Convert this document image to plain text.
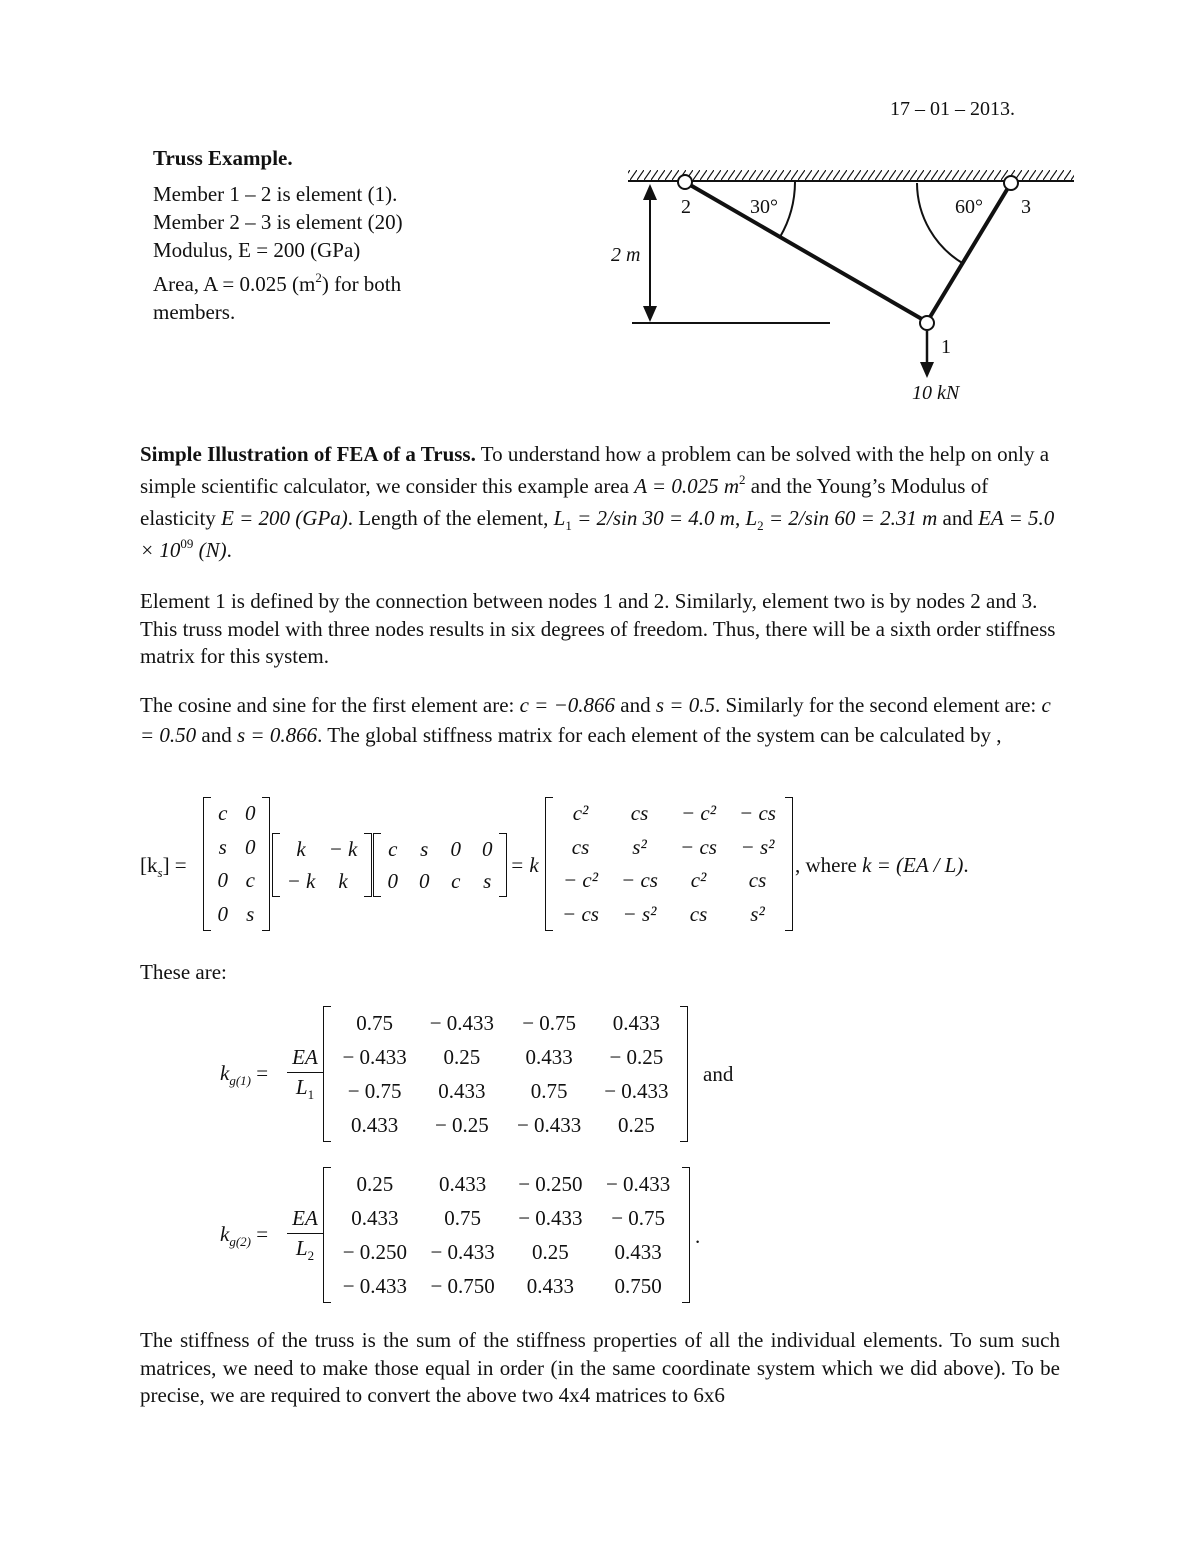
17 – 01 – 2013.
Truss Example.
Member 1 – 2 is element (1).
Member 2 – 3 is element (20)
Modulus, E = 200 (GPa)
Area, A = 0.025 $(m^2)$ for both
members.
2	3
1
30°	60°
2 m
10 kN
Simple Illustration of FEA of a Truss. To understand how a problem can be solved with the help on only a simple scientific calculator, we consider this example area A = 0.025 $m^2$ and the Young’s Modulus of elasticity E = 200 (GPa). Length of the element, $L_1 = 2/\sin$ 30 = 4.0 m, $L_2 = 2/\sin$ 60 = 2.31 m and EA = $5.0 \times 10^{09}$ (N).
Element 1 is defined by the connection between nodes 1 and 2. Similarly, element two is by nodes 2 and 3. This truss model with three nodes results in six degrees of freedom. Thus, there will be a sixth order stiffness matrix for this system.
The cosine and sine for the first element are: c = −0.866 and s = 0.5. Similarly for the second element are: c = 0.50 and s = 0.866. The global stiffness matrix for each element of the system can be calculated by ,
$[k_s]$ =
c 0
s 0
0 c
0 s
k	− k
− k	k
c	s	0	0
0	0	c	s
= k
c²	cs	− c²	− cs
cs	s²	− cs	− s²
− c²	− cs	c²	cs
− cs	− s²	cs	s²
, where k = (EA / L).
These are:
$k_{g(1)}$ =
EA
$L_1$
0.75	− 0.433	− 0.75	0.433
− 0.433	0.25	0.433	− 0.25
− 0.75	0.433	0.75	− 0.433
0.433	− 0.25	− 0.433	0.25
and
$k_{g(2)}$ =
EA
$L_2$
0.25	0.433	− 0.250	− 0.433
0.433	0.75	− 0.433	− 0.75
− 0.250	− 0.433	0.25	0.433
− 0.433	− 0.750	0.433	0.750
.
The stiffness of the truss is the sum of the stiffness properties of all the individual elements. To sum such matrices, we need to make those equal in order (in the same coordinate system which we did above). To be precise, we are required to convert the above two 4x4 matrices to 6x6
